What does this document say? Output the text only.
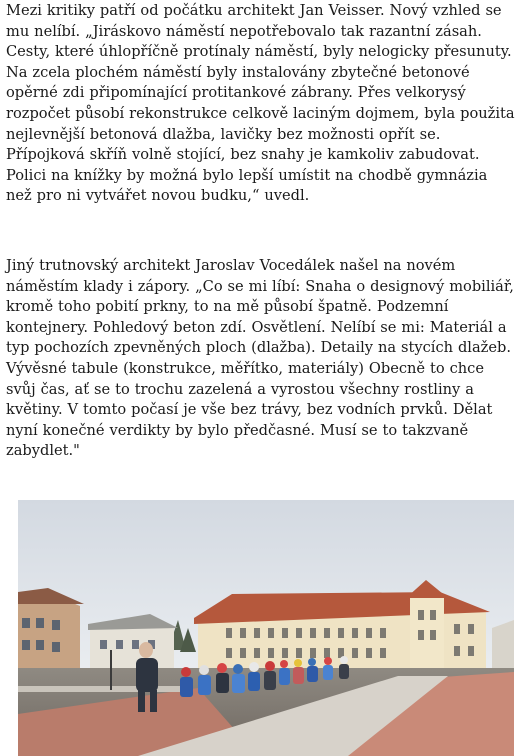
Mezi kritiky patří od počátku architekt Jan Veisser. Nový vzhled se mu nelíbí. „Jiráskovo náměstí nepotřebovalo tak razantní zásah. Cesty, které úhlopříčně protínaly náměstí, byly nelogicky přesunuty. Na zcela plochém náměstí byly instalovány zbytečné betonové opěrné zdi připomínající protitankové zábrany. Přes velkorysý rozpočet působí rekonstrukce celkově laciným dojmem, byla použita nejlevnější betonová dlažba, lavičky bez možnosti opřít se. Přípojková skříň volně stojící, bez snahy je kamkoliv zabudovat. Polici na knížky by možná bylo lepší umístit na chodbě gymnázia než pro ni vytvářet novou budku,“ uvedl.

Jiný trutnovský architekt Jaroslav Vocedálek našel na novém náměstím klady i zápory. „Co se mi líbí: Snaha o designový mobiliář, kromě toho pobití prkny, to na mě působí špatně. Podzemní kontejnery. Pohledový beton zdí. Osvětlení. Nelíbí se mi: Materiál a typ pochozích zpevněných ploch (dlažba). Detaily na stycích dlažeb. Vývěsné tabule (konstrukce, měřítko, materiály) Obecně to chce svůj čas, ať se to trochu zazelená a vyrostou všechny rostliny a květiny. V tomto počasí je vše bez trávy, bez vodních prvků. Dělat nyní konečné verdikty by bylo předčasné. Musí se to takzvaně zabydlet."
